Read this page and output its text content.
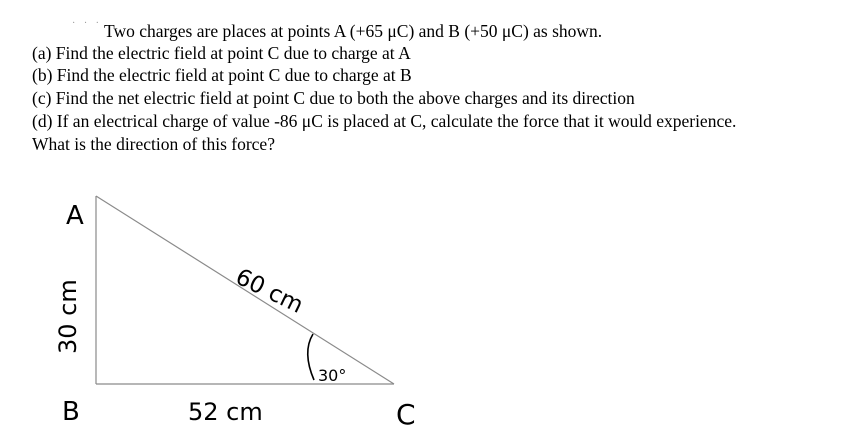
· · · Two charges are places at points A (+65 μC) and B (+50 μC) as shown.
(a) Find the electric field at point C due to charge at A
(b) Find the electric field at point C due to charge at B
(c) Find the net electric field at point C due to both the above charges and its direction
(d) If an electrical charge of value -86 μC is placed at C, calculate the force that it would experience.
What is the direction of this force?
A
B	C
30 cm	60 cm
52 cm
30°
